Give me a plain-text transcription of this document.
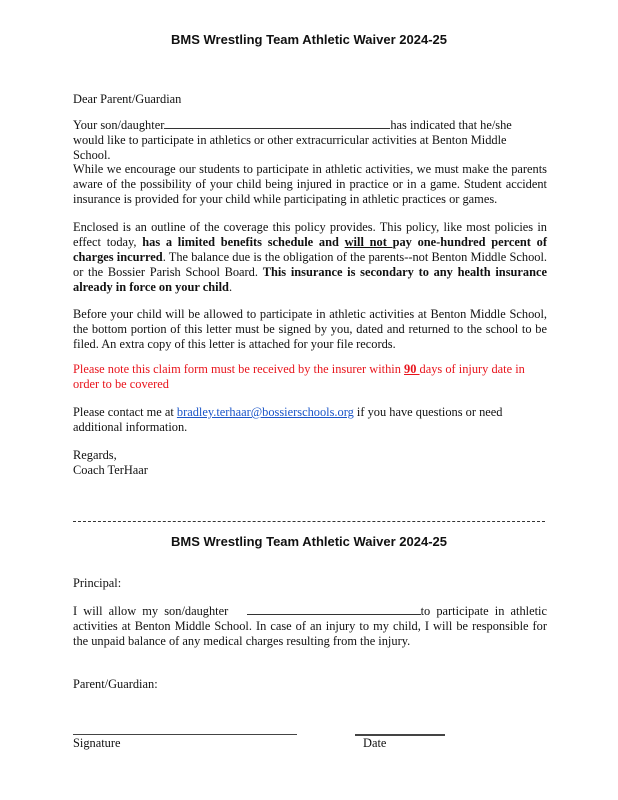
BMS Wrestling Team Athletic Waiver 2024-25
Dear Parent/Guardian
Your son/daughter	has indicated that he/she
would like to participate in athletics or other extracurricular activities at Benton Middle School.
While we encourage our students to participate in athletic activities, we must make the parents aware of the possibility of your child being injured in practice or in a game. Student accident insurance is provided for your child while participating in athletic practices or games.
Enclosed is an outline of the coverage this policy provides. This policy, like most policies in effect today, has a limited benefits schedule and will not pay one-hundred percent of charges incurred. The balance due is the obligation of the parents--not Benton Middle School. or the Bossier Parish School Board. This insurance is secondary to any health insurance already in force on your child.
Before your child will be allowed to participate in athletic activities at Benton Middle School, the bottom portion of this letter must be signed by you, dated and returned to the school to be filed. An extra copy of this letter is attached for your file records.
Please note this claim form must be received by the insurer within 90 days of injury date in order to be covered
Please contact me at bradley.terhaar@bossierschools.org if you have questions or need additional information.
Regards,
Coach TerHaar
BMS Wrestling Team Athletic Waiver 2024-25
Principal:
I will allow my son/daughter	to participate in athletic activities at Benton Middle School. In case of an injury to my child, I will be responsible for the unpaid balance of any medical charges resulting from the injury.
Parent/Guardian:
Signature	Date
